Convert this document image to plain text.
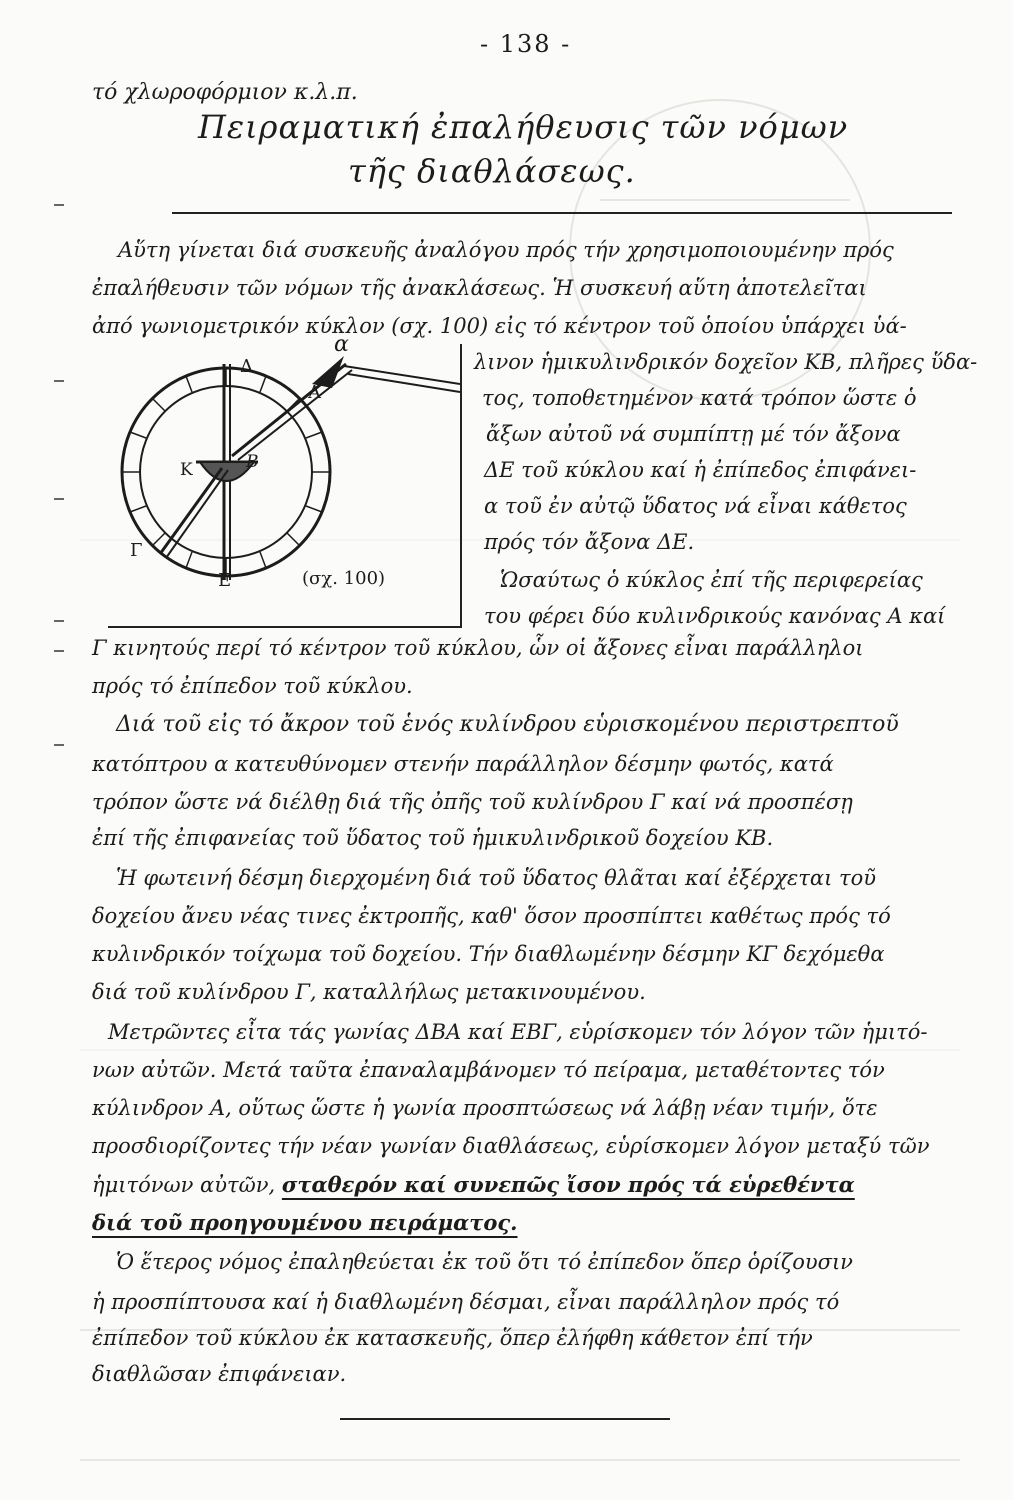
- 138 -
τό χλωροφόρμιον κ.λ.π.
Πειραματική ἐπαλήθευσις τῶν νόμων
τῆς διαθλάσεως.
Αὕτη γίνεται διά συσκευῆς ἀναλόγου πρός τήν χρησιμοποιουμένην πρός
ἐπαλήθευσιν τῶν νόμων τῆς ἀνακλάσεως. Ἡ συσκευή αὕτη ἀποτελεῖται
ἀπό γωνιομετρικόν κύκλον (σχ. 100) εἰς τό κέντρον τοῦ ὁποίου ὑπάρχει ὑά-
λινον ἡμικυλινδρικόν δοχεῖον ΚΒ, πλῆρες ὕδα-
τος, τοποθετημένον κατά τρόπον ὥστε ὁ
ἄξων αὐτοῦ νά συμπίπτῃ μέ τόν ἄξονα
ΔΕ τοῦ κύκλου καί ἡ ἐπίπεδος ἐπιφάνει-
α τοῦ ἐν αὐτῷ ὕδατος νά εἶναι κάθετος
πρός τόν ἄξονα ΔΕ.
Ὡσαύτως ὁ κύκλος ἐπί τῆς περιφερείας
του φέρει δύο κυλινδρικούς κανόνας Α καί
α
Α
Δ
Κ	Β
Γ
Ε	(σχ. 100)
Γ κινητούς περί τό κέντρον τοῦ κύκλου, ὧν οἱ ἄξονες εἶναι παράλληλοι
πρός τό ἐπίπεδον τοῦ κύκλου.
Διά τοῦ εἰς τό ἄκρον τοῦ ἑνός κυλίνδρου εὑρισκομένου περιστρεπτοῦ
κατόπτρου α κατευθύνομεν στενήν παράλληλον δέσμην φωτός, κατά
τρόπον ὥστε νά διέλθῃ διά τῆς ὀπῆς τοῦ κυλίνδρου Γ καί νά προσπέσῃ
ἐπί τῆς ἐπιφανείας τοῦ ὕδατος τοῦ ἡμικυλινδρικοῦ δοχείου ΚΒ.
Ἡ φωτεινή δέσμη διερχομένη διά τοῦ ὕδατος θλᾶται καί ἐξέρχεται τοῦ
δοχείου ἄνευ νέας τινες ἐκτροπῆς, καθ' ὅσον προσπίπτει καθέτως πρός τό
κυλινδρικόν τοίχωμα τοῦ δοχείου. Τήν διαθλωμένην δέσμην ΚΓ δεχόμεθα
διά τοῦ κυλίνδρου Γ, καταλλήλως μετακινουμένου.
Μετρῶντες εἶτα τάς γωνίας ΔΒΑ καί ΕΒΓ, εὑρίσκομεν τόν λόγον τῶν ἡμιτό-
νων αὐτῶν. Μετά ταῦτα ἐπαναλαμβάνομεν τό πείραμα, μεταθέτοντες τόν
κύλινδρον Α, οὕτως ὥστε ἡ γωνία προσπτώσεως νά λάβῃ νέαν τιμήν, ὅτε
προσδιορίζοντες τήν νέαν γωνίαν διαθλάσεως, εὑρίσκομεν λόγον μεταξύ τῶν
ἡμιτόνων αὐτῶν, σταθερόν καί συνεπῶς ἴσον πρός τά εὑρεθέντα
διά τοῦ προηγουμένου πειράματος.
Ὁ ἕτερος νόμος ἐπαληθεύεται ἐκ τοῦ ὅτι τό ἐπίπεδον ὅπερ ὁρίζουσιν
ἡ προσπίπτουσα καί ἡ διαθλωμένη δέσμαι, εἶναι παράλληλον πρός τό
ἐπίπεδον τοῦ κύκλου ἐκ κατασκευῆς, ὅπερ ἐλήφθη κάθετον ἐπί τήν
διαθλῶσαν ἐπιφάνειαν.
